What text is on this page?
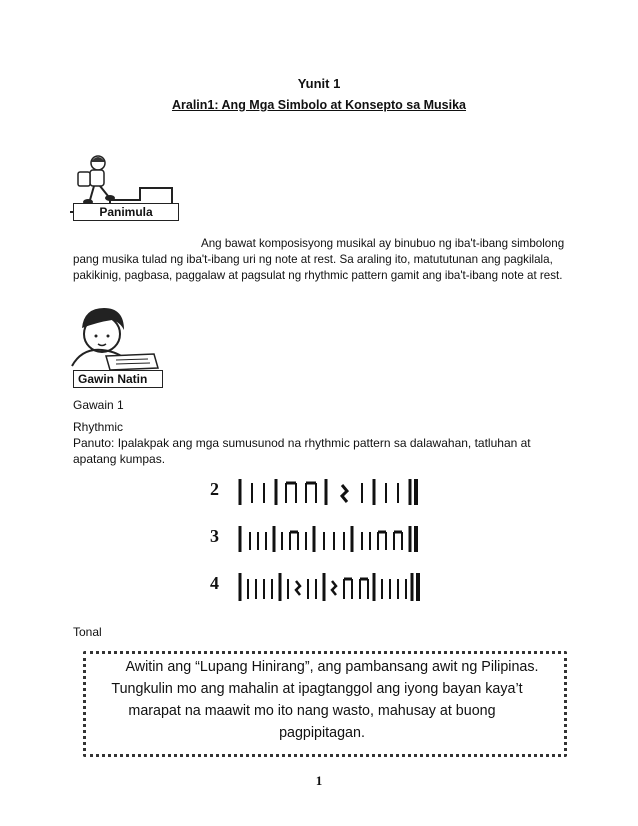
Yunit 1
Aralin1: Ang Mga Simbolo at Konsepto sa Musika
Panimula
Ang bawat komposisyong musikal ay binubuo ng iba't-ibang simbolong pang musika tulad ng iba't-ibang uri ng note at rest. Sa araling ito, matututunan ang pagkilala, pakikinig, pagbasa, paggalaw at pagsulat ng rhythmic pattern gamit ang iba't-ibang note at rest.
Gawin Natin
Gawain 1
Rhythmic
Panuto: Ipalakpak ang mga sumusunod na rhythmic pattern sa dalawahan, tatluhan at apatang kumpas.
2
3
4
Tonal
Awitin ang “Lupang Hinirang”, ang pambansang awit ng Pilipinas.
Tungkulin mo ang mahalin at ipagtanggol ang iyong bayan kaya’t
marapat na maawit mo ito nang wasto, mahusay at buong
pagpipitagan.
1
